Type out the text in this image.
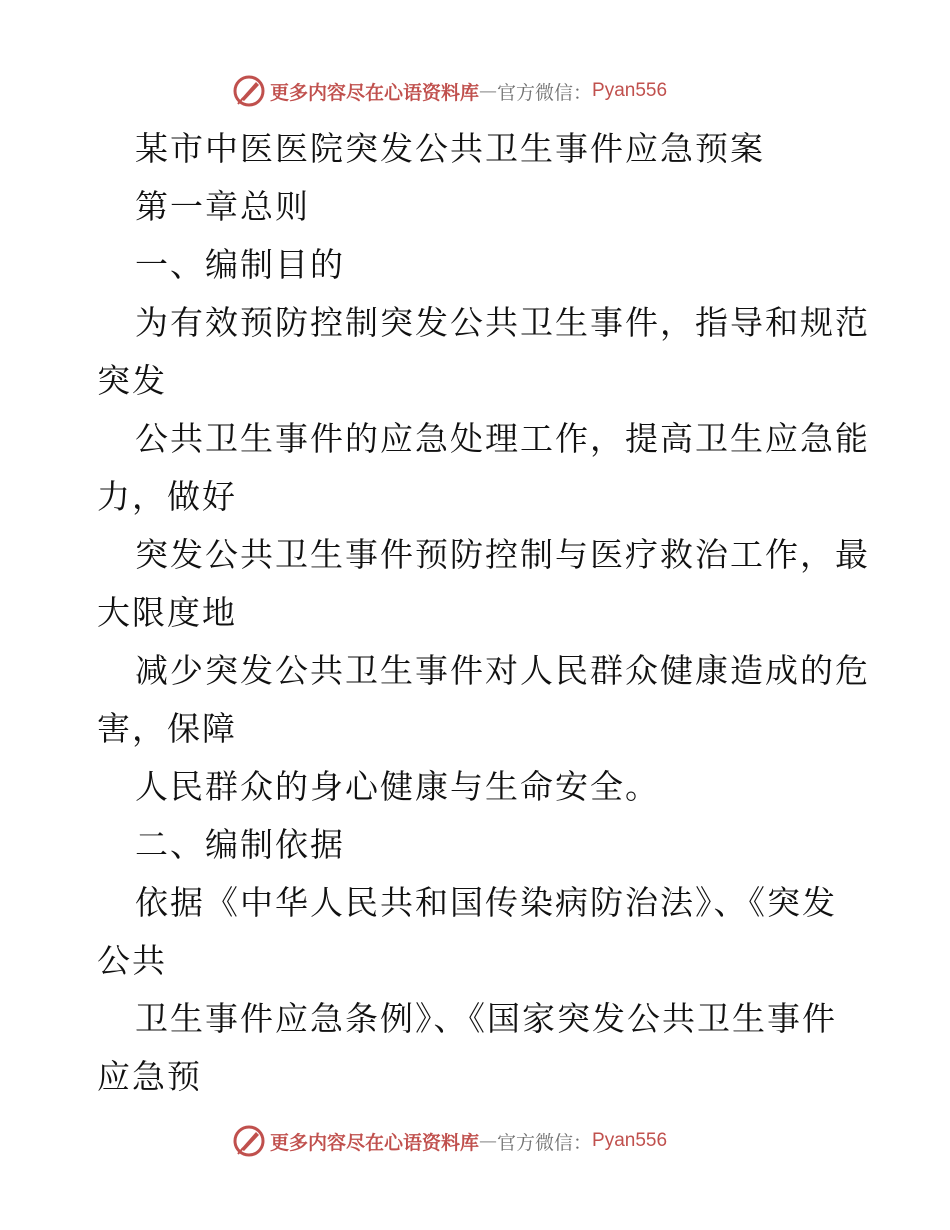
更多内容尽在心语资料库 — 官方微信： Pyan556
某市中医医院突发公共卫生事件应急预案
第一章总则
一、编制目的
为有效预防控制突发公共卫生事件，指导和规范
突发
公共卫生事件的应急处理工作，提高卫生应急能
力，做好
突发公共卫生事件预防控制与医疗救治工作，最
大限度地
减少突发公共卫生事件对人民群众健康造成的危
害，保障
人民群众的身心健康与生命安全。
二、编制依据
依据《中华人民共和国传染病防治法》、《突发
公共
卫生事件应急条例》、《国家突发公共卫生事件
应急预
更多内容尽在心语资料库 — 官方微信： Pyan556
